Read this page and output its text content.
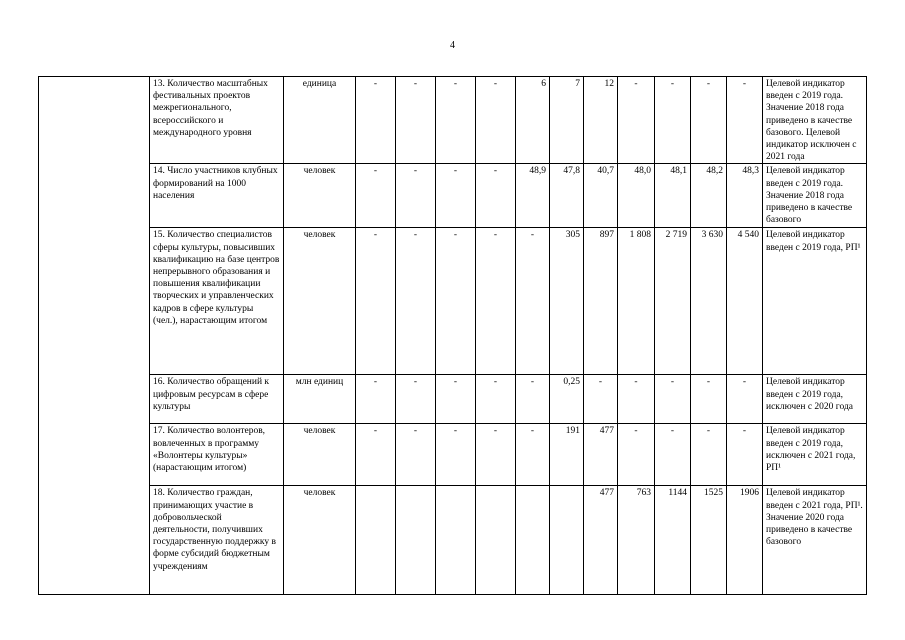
4
	13. Количество масштабных фестивальных проектов межрегионального, всероссийского и международного уровня	единица	-	-	-	-	6	7	12	-	-	-	-	Целевой индикатор введен с 2019 года. Значение 2018 года приведено в качестве базового. Целевой индикатор исключен с 2021 года
	14. Число участников клубных формирований на 1000 населения	человек	-	-	-	-	48,9	47,8	40,7	48,0	48,1	48,2	48,3	Целевой индикатор введен с 2019 года. Значение 2018 года приведено в качестве базового
	15. Количество специалистов сферы культуры, повысивших квалификацию на базе центров непрерывного образования и повышения квалификации творческих и управленческих кадров в сфере культуры (чел.), нарастающим итогом	человек	-	-	-	-	-	305	897	1 808	2 719	3 630	4 540	Целевой индикатор введен с 2019 года, РП¹
	16. Количество обращений к цифровым ресурсам в сфере культуры	млн единиц	-	-	-	-	-	0,25	-	-	-	-	-	Целевой индикатор введен с 2019 года, исключен с 2020 года
	17. Количество волонтеров, вовлеченных в программу «Волонтеры культуры» (нарастающим итогом)	человек	-	-	-	-	-	191	477	-	-	-	-	Целевой индикатор введен с 2019 года, исключен с 2021 года, РП¹
	18. Количество граждан, принимающих участие в добровольческой деятельности, получивших государственную поддержку в форме субсидий бюджетным учреждениям	человек							477	763	1144	1525	1906	Целевой индикатор введен с 2021 года, РП¹. Значение 2020 года приведено в качестве базового
